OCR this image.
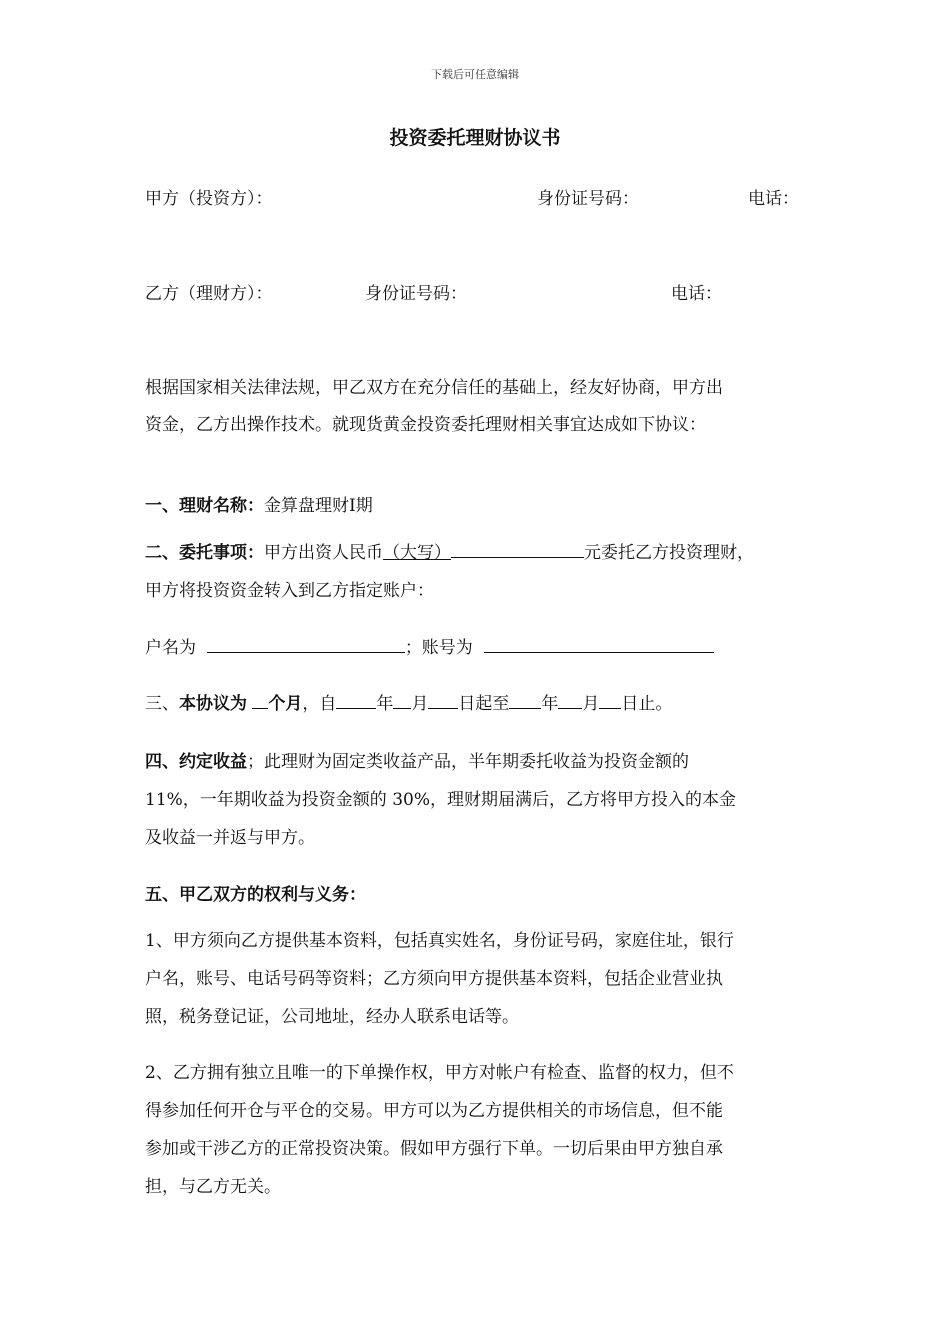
下载后可任意编辑
投资委托理财协议书
甲方（投资方）：	身份证号码：	电话：
乙方（理财方）：	身份证号码：	电话：
根据国家相关法律法规，甲乙双方在充分信任的基础上，经友好协商，甲方出
资金，乙方出操作技术。就现货黄金投资委托理财相关事宜达成如下协议：
一、理财名称：金算盘理财Ⅰ期
二、委托事项：甲方出资人民币（大写）	元委托乙方投资理财，
甲方将投资资金转入到乙方指定账户：
户名为	；账号为
三、本协议为 个月，自 年 月 日起至 年 月 日止。
四、约定收益；此理财为固定类收益产品，半年期委托收益为投资金额的
11%，一年期收益为投资金额的 30%，理财期届满后，乙方将甲方投入的本金
及收益一并返与甲方。
五、甲乙双方的权利与义务：
1、甲方须向乙方提供基本资料，包括真实姓名，身份证号码，家庭住址，银行
户名，账号、电话号码等资料；乙方须向甲方提供基本资料，包括企业营业执
照，税务登记证，公司地址，经办人联系电话等。
2、乙方拥有独立且唯一的下单操作权，甲方对帐户有检查、监督的权力，但不
得参加任何开仓与平仓的交易。甲方可以为乙方提供相关的市场信息，但不能
参加或干涉乙方的正常投资决策。假如甲方强行下单。一切后果由甲方独自承
担，与乙方无关。
